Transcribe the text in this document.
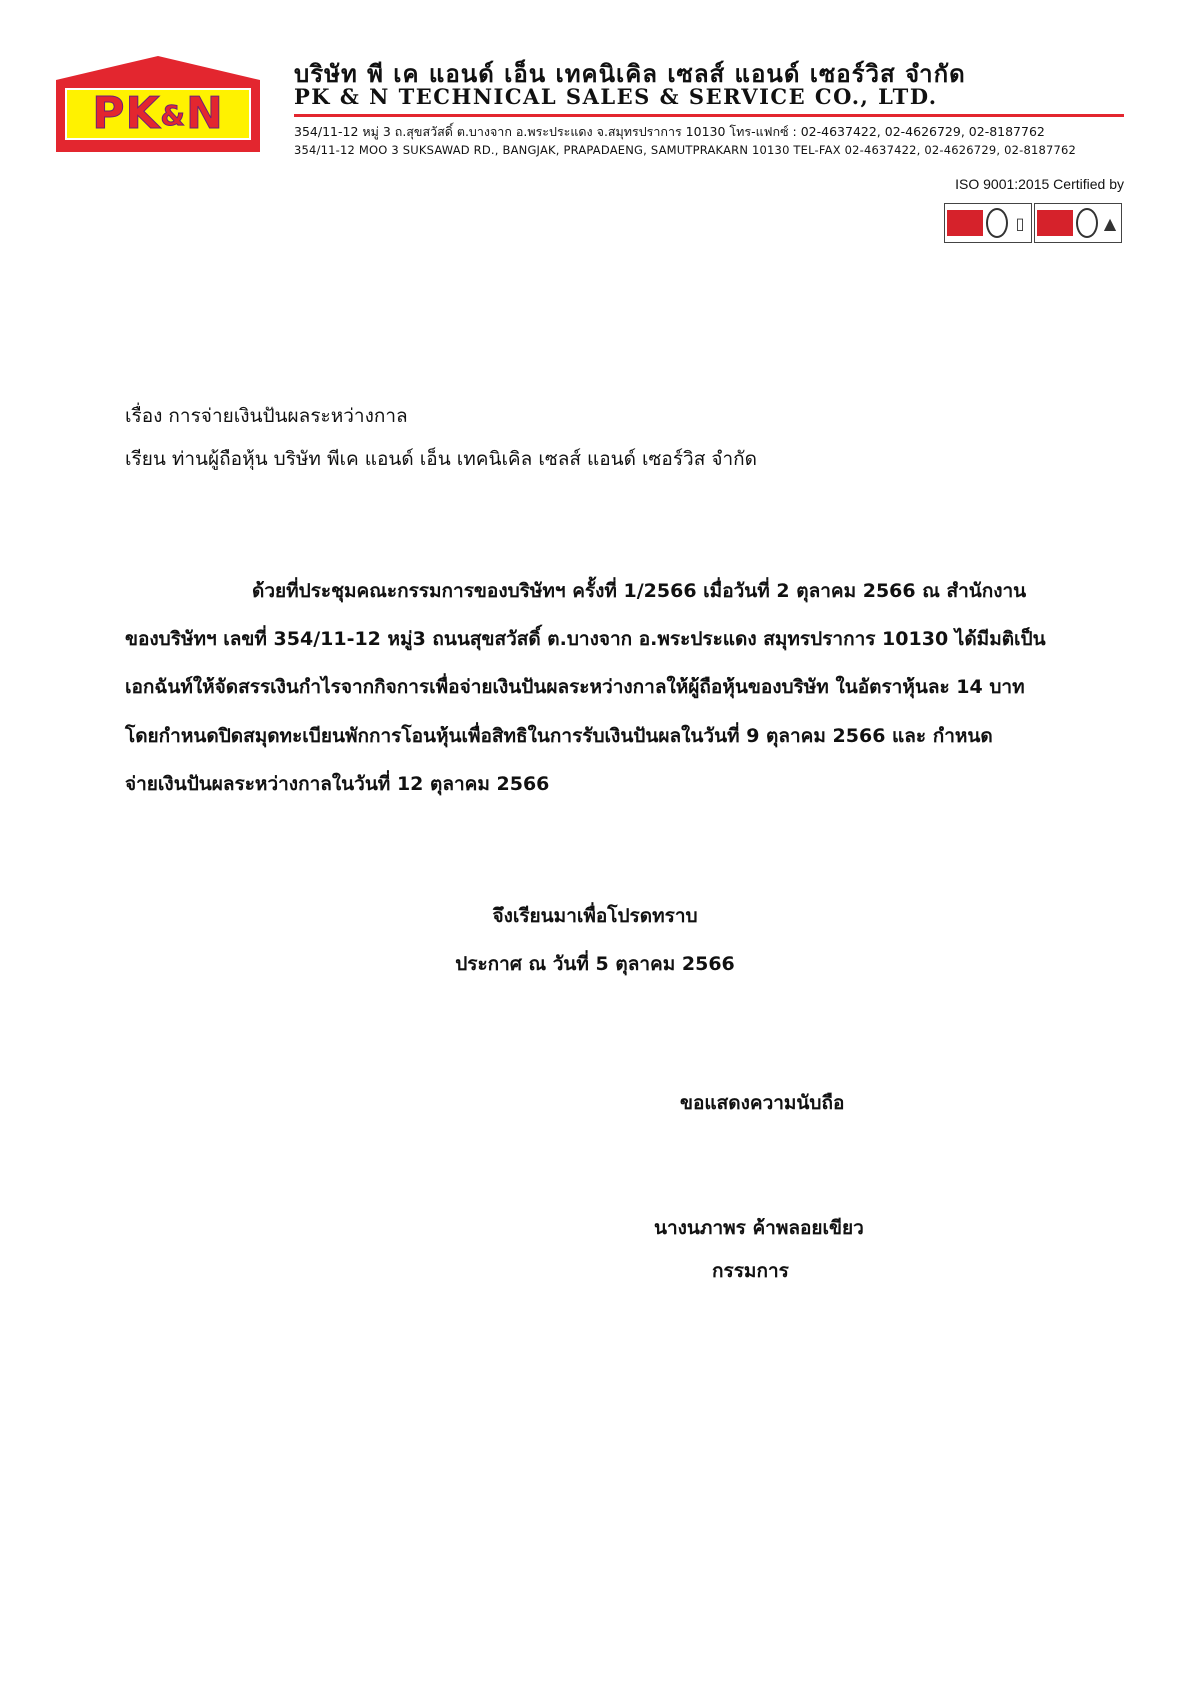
PK&N
บริษัท พี เค แอนด์ เอ็น เทคนิเคิล เซลส์ แอนด์ เซอร์วิส จำกัด
PK & N TECHNICAL SALES & SERVICE CO., LTD.
354/11-12 หมู่ 3 ถ.สุขสวัสดิ์ ต.บางจาก อ.พระประแดง จ.สมุทรปราการ 10130 โทร-แฟกซ์ : 02-4637422, 02-4626729, 02-8187762
354/11-12 MOO 3 SUKSAWAD RD., BANGJAK, PRAPADAENG, SAMUTPRAKARN 10130 TEL-FAX 02-4637422, 02-4626729, 02-8187762
ISO 9001:2015 Certified by
▯	▲
เรื่อง การจ่ายเงินปันผลระหว่างกาล
เรียน ท่านผู้ถือหุ้น บริษัท พีเค แอนด์ เอ็น เทคนิเคิล เซลส์ แอนด์ เซอร์วิส จำกัด
ด้วยที่ประชุมคณะกรรมการของบริษัทฯ ครั้งที่ 1/2566 เมื่อวันที่ 2 ตุลาคม 2566 ณ สำนักงาน
ของบริษัทฯ เลขที่ 354/11-12 หมู่3 ถนนสุขสวัสดิ์ ต.บางจาก อ.พระประแดง สมุทรปราการ 10130 ได้มีมติเป็น
เอกฉันท์ให้จัดสรรเงินกำไรจากกิจการเพื่อจ่ายเงินปันผลระหว่างกาลให้ผู้ถือหุ้นของบริษัท ในอัตราหุ้นละ 14 บาท
โดยกำหนดปิดสมุดทะเบียนพักการโอนหุ้นเพื่อสิทธิในการรับเงินปันผลในวันที่ 9 ตุลาคม 2566 และ กำหนด
จ่ายเงินปันผลระหว่างกาลในวันที่ 12 ตุลาคม 2566
จึงเรียนมาเพื่อโปรดทราบ
ประกาศ ณ วันที่ 5 ตุลาคม 2566
ขอแสดงความนับถือ
นางนภาพร ค้าพลอยเขียว
กรรมการ
